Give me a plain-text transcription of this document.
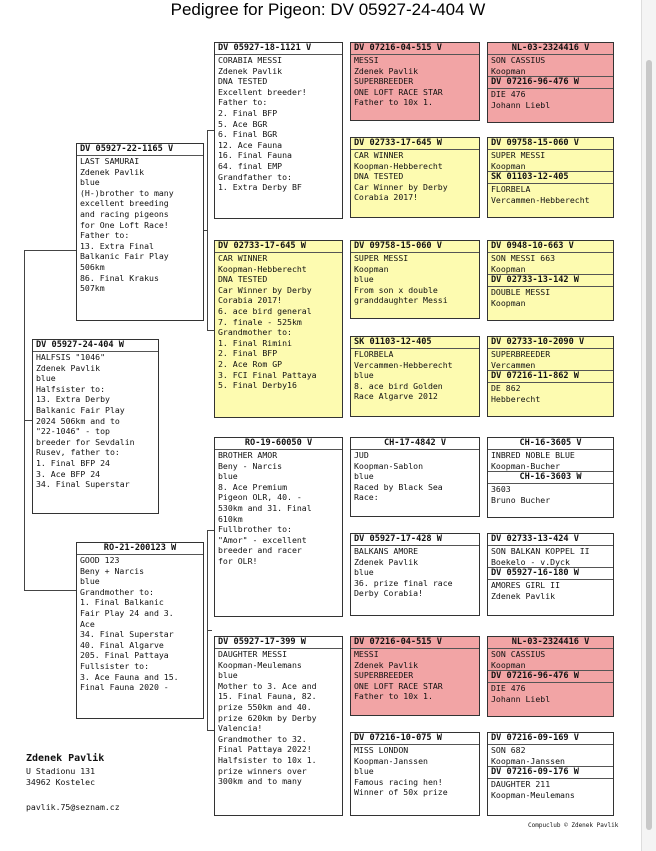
Pedigree for Pigeon: DV 05927-24-404 W
DV 05927-24-404 W
HALFSIS "1046"
Zdenek Pavlik
blue
Halfsister to:
13. Extra Derby
Balkanic Fair Play
2024 506km and to
"22-1046" - top
breeder for Sevdalin
Rusev, father to:
1. Final BFP 24
3. Ace BFP 24
34. Final Superstar
DV 05927-22-1165 V
LAST SAMURAI
Zdenek Pavlik
blue
(H-)brother to many
excellent breeding
and racing pigeons
for One Loft Race!
Father to:
13. Extra Final
Balkanic Fair Play
506km
86. Final Krakus
507km
RO-21-200123 W
GOOD 123
Beny + Narcis
blue
Grandmother to:
1. Final Balkanic
Fair Play 24 and 3.
Ace
34. Final Superstar
40. Final Algarve
205. Final Pattaya
Fullsister to:
3. Ace Fauna and 15.
Final Fauna 2020 -
DV 05927-18-1121 V
CORABIA MESSI
Zdenek Pavlik
DNA TESTED
Excellent breeder!
Father to:
2. Final BFP
5. Ace BGR
6. Final BGR
12. Ace Fauna
16. Final Fauna
64. final EMP
Grandfather to:
1. Extra Derby BF
DV 02733-17-645 W
CAR WINNER
Koopman-Hebberecht
DNA TESTED
Car Winner by Derby
Corabia 2017!
6. ace bird general
7. finale - 525km
Grandmother to:
1. Final Rimini
2. Final BFP
2. Ace Rom GP
3. FCI Final Pattaya
5. Final Derby16
RO-19-60050 V
BROTHER AMOR
Beny - Narcis
blue
8. Ace Premium
Pigeon OLR, 40. -
530km and 31. Final
610km
Fullbrother to:
"Amor" - excellent
breeder and racer
for OLR!
DV 05927-17-399 W
DAUGHTER MESSI
Koopman-Meulemans
blue
Mother to 3. Ace and
15. Final Fauna, 82.
prize 550km and 40.
prize 620km by Derby
Valencia!
Grandmother to 32.
Final Pattaya 2022!
Halfsister to 10x 1.
prize winners over
300km and to many
DV 07216-04-515 V
MESSI
Zdenek Pavlik
SUPERBREEDER
ONE LOFT RACE STAR
Father to 10x 1.
DV 02733-17-645 W
CAR WINNER
Koopman-Hebberecht
DNA TESTED
Car Winner by Derby
Corabia 2017!
DV 09758-15-060 V
SUPER MESSI
Koopman
blue
From son x double
granddaughter Messi
SK 01103-12-405
FLORBELA
Vercammen-Hebberecht
blue
8. ace bird Golden
Race Algarve 2012
CH-17-4842 V
JUD
Koopman-Sablon
blue
Raced by Black Sea
Race:
DV 05927-17-428 W
BALKANS AMORE
Zdenek Pavlik
blue
36. prize final race
Derby Corabia!
DV 07216-04-515 V
MESSI
Zdenek Pavlik
SUPERBREEDER
ONE LOFT RACE STAR
Father to 10x 1.
DV 07216-10-075 W
MISS LONDON
Koopman-Janssen
blue
Famous racing hen!
Winner of 50x prize
NL-03-2324416 V
SON CASSIUS
Koopman
DV 07216-96-476 W
DIE 476
Johann Liebl
DV 09758-15-060 V
SUPER MESSI
Koopman
SK 01103-12-405
FLORBELA
Vercammen-Hebberecht
DV 0948-10-663 V
SON MESSI 663
Koopman
DV 02733-13-142 W
DOUBLE MESSI
Koopman
DV 02733-10-2090 V
SUPERBREEDER
Vercammen
DV 07216-11-862 W
DE 862
Hebberecht
CH-16-3605 V
INBRED NOBLE BLUE
Koopman-Bucher
CH-16-3603 W
3603
Bruno Bucher
DV 02733-13-424 V
SON BALKAN KOPPEL II
Boekelo - v.Dyck
DV 05927-16-180 W
AMORES GIRL II
Zdenek Pavlik
NL-03-2324416 V
SON CASSIUS
Koopman
DV 07216-96-476 W
DIE 476
Johann Liebl
DV 07216-09-169 V
SON 682
Koopman-Janssen
DV 07216-09-176 W
DAUGHTER 211
Koopman-Meulemans
Zdenek Pavlik
U Stadionu 131
34962 Kostelec
pavlik.75@seznam.cz
Compuclub © Zdenek Pavlik
